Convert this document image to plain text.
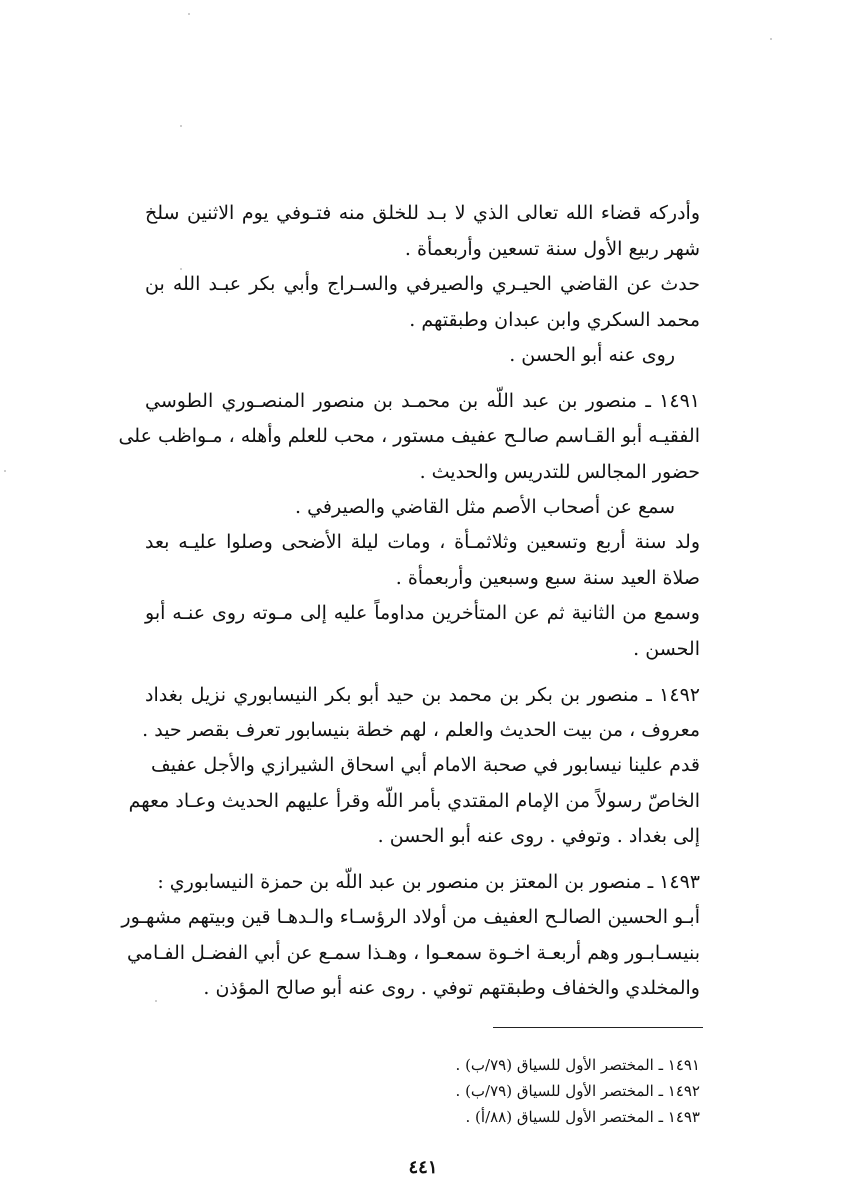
وأدركه قضاء الله تعالى الذي لا بـد للخلق منه فتـوفي يوم الاثنين سلخ
شهر ربيع الأول سنة تسعين وأربعمأة .
حدث عن القاضي الحيـري والصيرفي والسـراج وأبي بكر عبـد الله بن
محمد السكري وابن عبدان وطبقتهم .
روى عنه أبو الحسن .
١٤٩١ ـ منصور بن عبد اللّه بن محمـد بن منصور المنصـوري الطوسي
الفقيـه أبو القـاسم صالـح عفيف مستور ، محب للعلم وأهله ، مـواظب على
حضور المجالس للتدريس والحديث .
سمع عن أصحاب الأصم مثل القاضي والصيرفي .
ولد سنة أربع وتسعين وثلاثمـأة ، ومات ليلة الأضحى وصلوا عليـه بعد
صلاة العيد سنة سبع وسبعين وأربعمأة .
وسمع من الثانية ثم عن المتأخرين مداوماً عليه إلى مـوته روى عنـه أبو
الحسن .
١٤٩٢ ـ منصور بن بكر بن محمد بن حيد أبو بكر النيسابوري نزيل بغداد
معروف ، من بيت الحديث والعلم ، لهم خطة بنيسابور تعرف بقصر حيد .
قدم علينا نيسابور في صحبة الامام أبي اسحاق الشيرازي والأجل عفيف
الخاصّ رسولاً من الإمام المقتدي بأمر اللّه وقرأ عليهم الحديث وعـاد معهم
إلى بغداد . وتوفي . روى عنه أبو الحسن .
١٤٩٣ ـ منصور بن المعتز بن منصور بن عبد اللّه بن حمزة النيسابوري :
أبـو الحسين الصالـح العفيف من أولاد الرؤسـاء والـدهـا قين وبيتهم مشهـور
بنيسـابـور وهم أربعـة اخـوة سمعـوا ، وهـذا سمـع عن أبي الفضـل الفـامي
والمخلدي والخفاف وطبقتهم توفي . روى عنه أبو صالح المؤذن .
١٤٩١ ـ المختصر الأول للسياق (٧٩/ب) .
١٤٩٢ ـ المختصر الأول للسياق (٧٩/ب) .
١٤٩٣ ـ المختصر الأول للسياق (٨٨/أ) .
٤٤١
